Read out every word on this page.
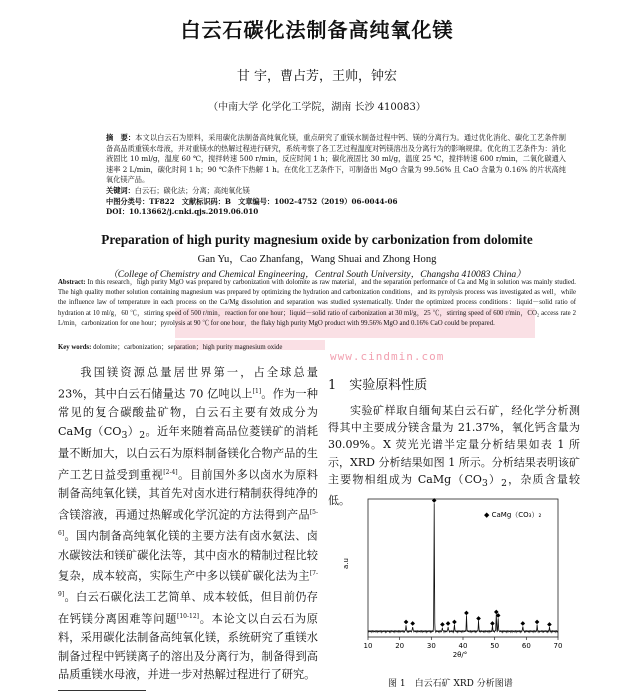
白云石碳化法制备高纯氧化镁
甘 宇，曹占芳，王帅，钟宏
（中南大学 化学化工学院，湖南 长沙 410083）
摘　要：本文以白云石为原料，采用碳化法制备高纯氧化镁，重点研究了重镁水制备过程中钙、镁的分离行为。通过优化消化、碳化工艺条件制备高品质重镁水母液，并对重镁水的热解过程进行研究，系统考察了各工艺过程温度对钙镁溶出及分离行为的影响规律。优化的工艺条件为：消化液固比 10 ml/g，温度 60 ℃，搅拌转速 500 r/min，反应时间 1 h；碳化液固比 30 ml/g，温度 25 ℃，搅拌转速 600 r/min，二氧化碳通入速率 2 L/min，碳化时间 1 h；90 ℃条件下热解 1 h。在优化工艺条件下，可制备出 MgO 含量为 99.56% 且 CaO 含量为 0.16% 的片状高纯氧化镁产品。
关键词：白云石；碳化法；分离；高纯氧化镁
中图分类号：TF822　文献标识码：B　文章编号：1002-4752（2019）06-0044-06
DOI：10.13662/j.cnki.qjs.2019.06.010
Preparation of high purity magnesium oxide by carbonization from dolomite
Gan Yu，Cao Zhanfang，Wang Shuai and Zhong Hong
（College of Chemistry and Chemical Engineering，Central South University，Changsha 410083 China）
Abstract: In this research，high purity MgO was prepared by carbonization with dolomite as raw material，and the separation performance of Ca and Mg in solution was mainly studied. The high quality mother solution containing magnesium was prepared by optimizing the hydration and carbonization conditions，and its pyrolysis process was investigated as well，while the influence law of temperature in each process on the Ca/Mg dissolution and separation was studied systematically. Under the optimized process conditions：liquid－solid ratio of hydration at 10 ml/g，60 ℃，stirring speed of 500 r/min，reaction for one hour；liquid－solid ratio of carbonization at 30 ml/g，25 ℃，stirring speed of 600 r/min，CO₂ access rate 2 L/min，carbonization for one hour；pyrolysis at 90 ℃ for one hour，the flaky high purity MgO product with 99.56% MgO and 0.16% CaO could be prepared.
Key words: dolomite；carbonization；separation；high purity magnesium oxide
www.cindmin.com

我国镁资源总量居世界第一，占全球总量 23%，其中白云石储量达 70 亿吨以上[1]。作为一种常见的复合碳酸盐矿物，白云石主要有效成分为 $CaMg(CO_3)_2$。近年来随着高品位菱镁矿的消耗量不断加大，以白云石为原料制备镁化合物产品的生产工艺日益受到重视[2-4]。目前国外多以卤水为原料制备高纯氧化镁，其首先对卤水进行精制获得纯净的含镁溶液，再通过热解或化学沉淀的方法得到产品[5-6]。国内制备高纯氧化镁的主要方法有卤水氨法、卤水碳铵法和镁矿碳化法等，其中卤水的精制过程比较复杂，成本较高，实际生产中多以镁矿碳化法为主[7-9]。白云石碳化法工艺简单、成本较低，但目前仍存在钙镁分离困难等问题[10-12]。本论文以白云石为原料，采用碳化法制备高纯氧化镁，系统研究了重镁水制备过程中钙镁离子的溶出及分离行为，制备得到高品质重镁水母液，并进一步对热解过程进行了研究。

1　实验原料性质

实验矿样取自缅甸某白云石矿，经化学分析测得其中主要成分镁含量为 21.37%，氧化钙含量为 30.09%。X 荧光光谱半定量分析结果如表 1 所示，XRD 分析结果如图 1 所示。分析结果表明该矿主要物相组成为 $CaMg(CO_3)_2$，杂质含量较低。

a.u
2θ/°
◆ CaMg（CO₃）₂
10	20	30	40	50	60	70
◆ ◆
◆
◆ ◆ ◆
◆
◆
◆
◆
◆
◆ ◆ ◆
图 1　白云石矿 XRD 分析图谱
